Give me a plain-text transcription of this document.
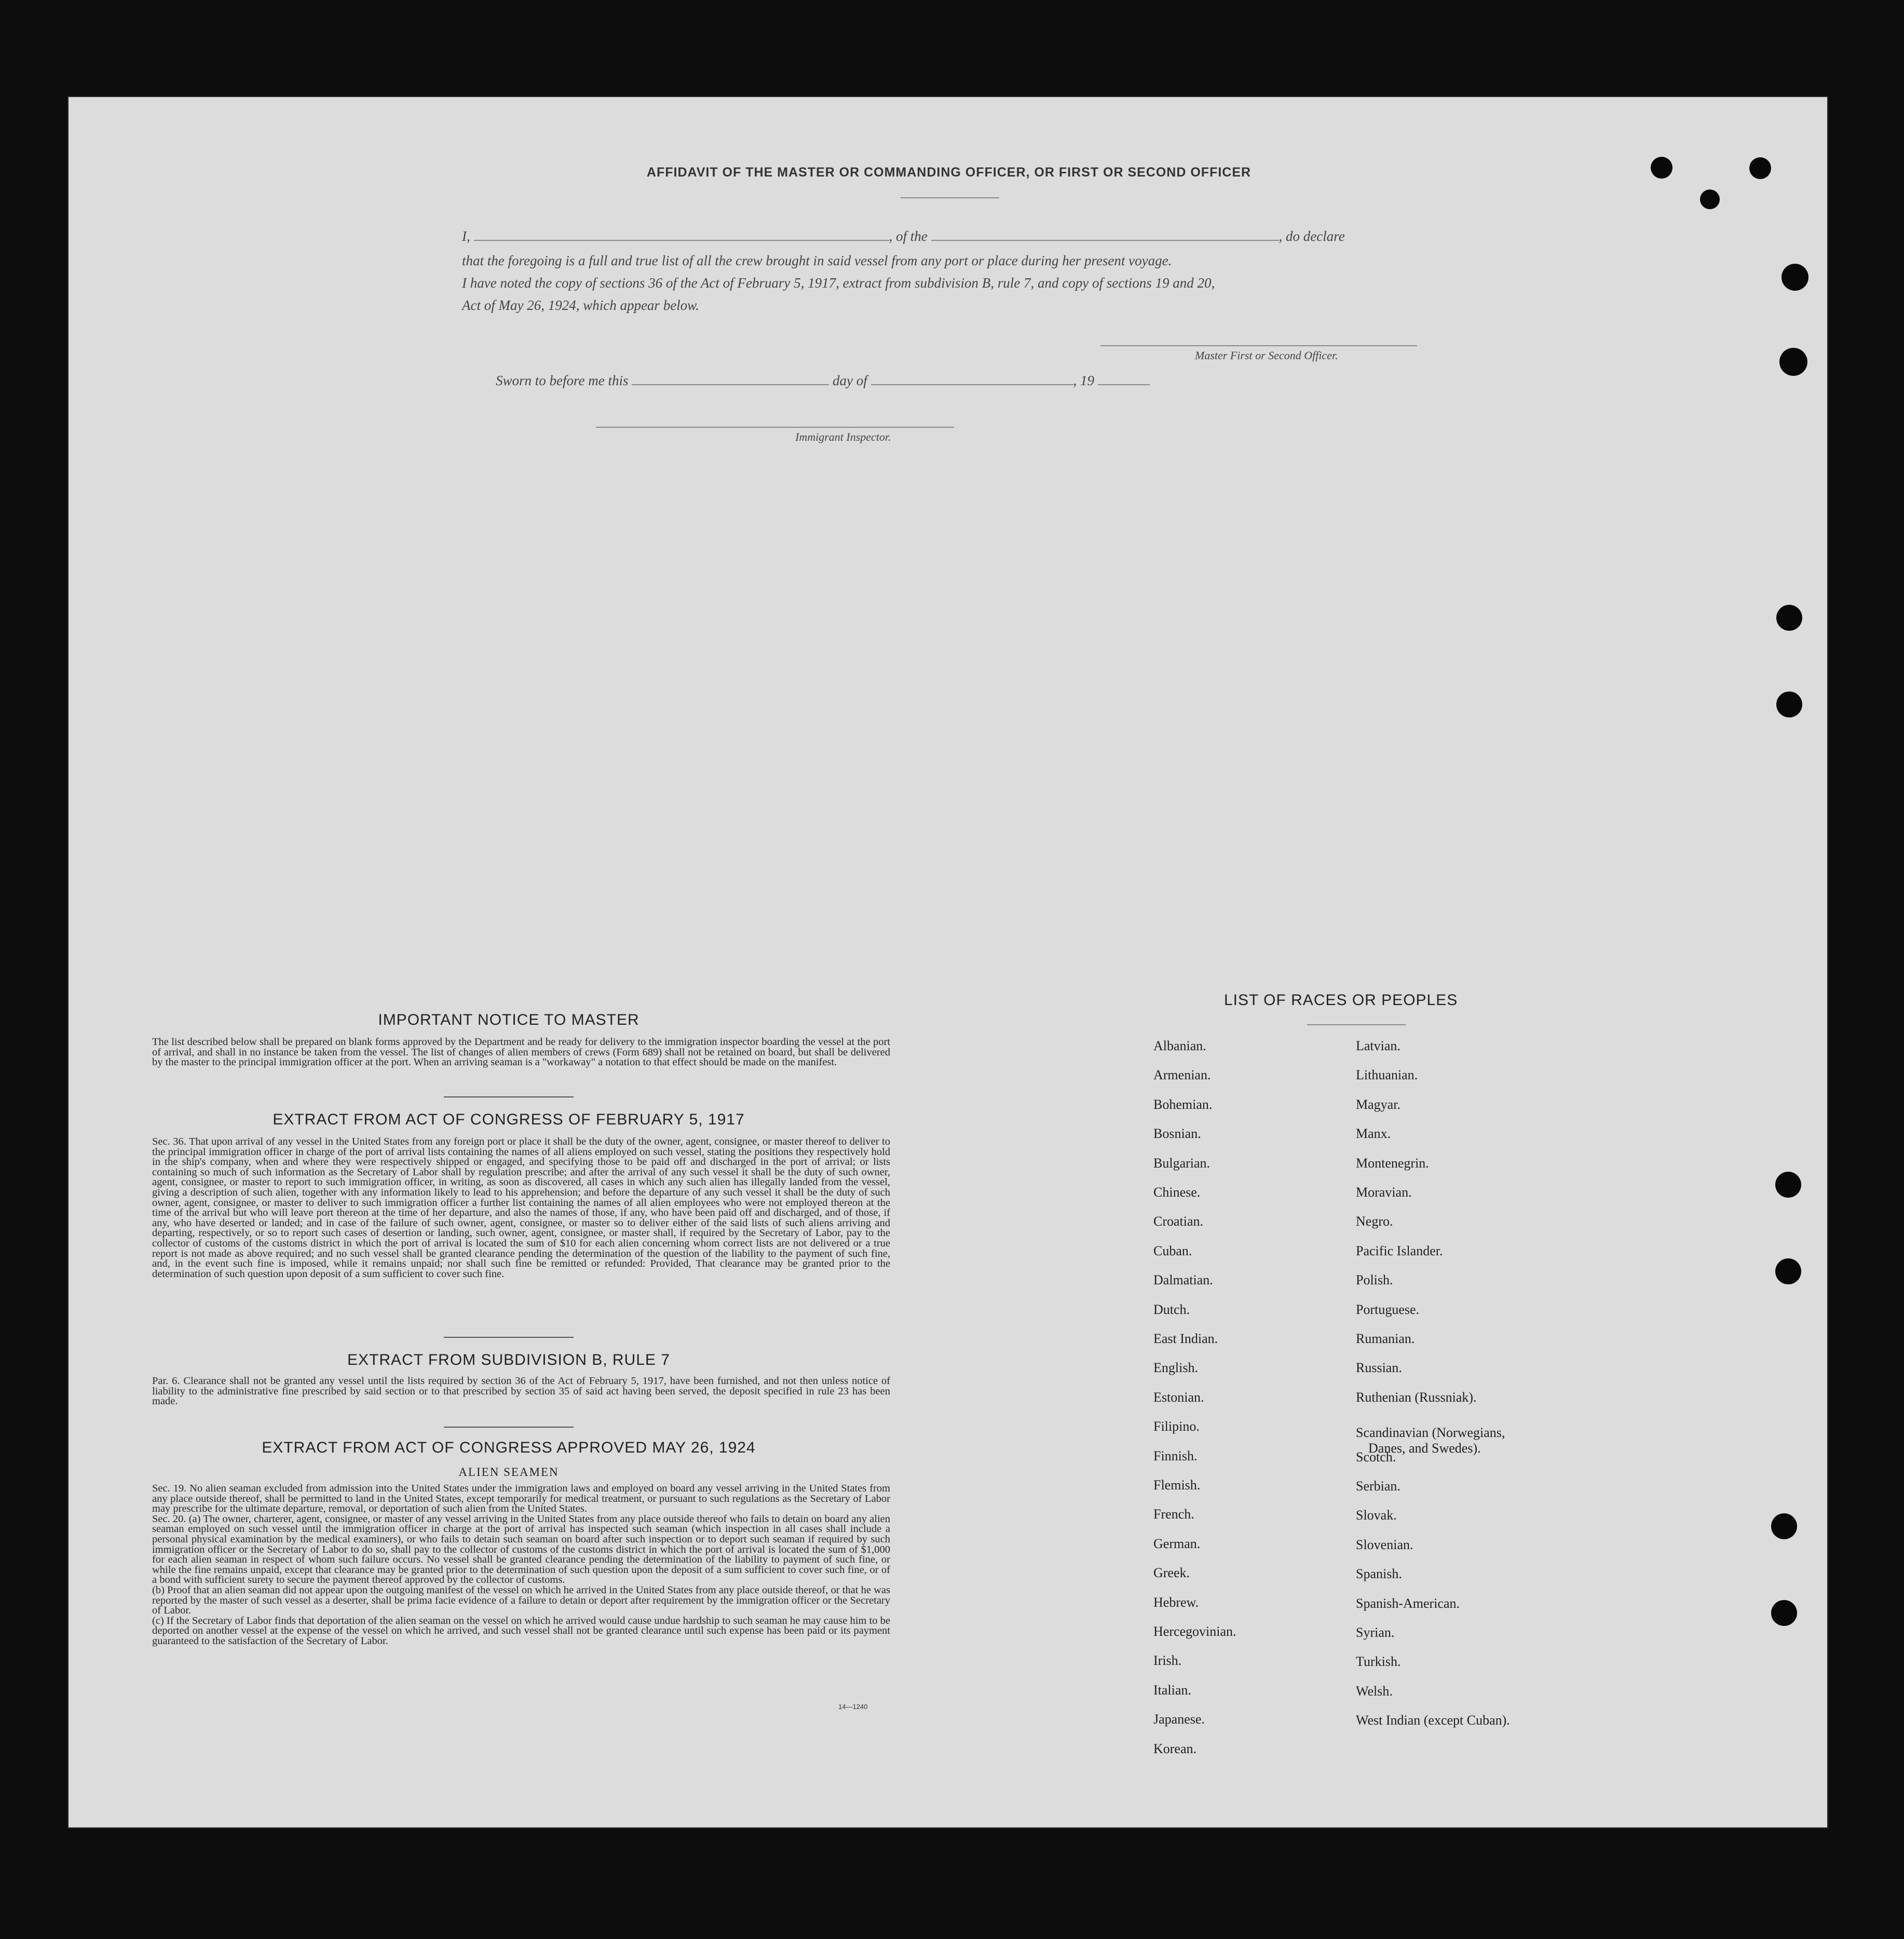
AFFIDAVIT OF THE MASTER OR COMMANDING OFFICER, OR FIRST OR SECOND OFFICER
I,	, of the	, do declare
that the foregoing is a full and true list of all the crew brought in said vessel from any port or place during her present voyage.
I have noted the copy of sections 36 of the Act of February 5, 1917, extract from subdivision B, rule 7, and copy of sections 19 and 20,
Act of May 26, 1924, which appear below.
Master First or Second Officer.
Sworn to before me this	day of	, 19
Immigrant Inspector.
IMPORTANT NOTICE TO MASTER
The list described below shall be prepared on blank forms approved by the Department and be ready for delivery to the immigration inspector boarding the vessel at the port of arrival, and shall in no instance be taken from the vessel. The list of changes of alien members of crews (Form 689) shall not be retained on board, but shall be delivered by the master to the principal immigration officer at the port. When an arriving seaman is a "workaway" a notation to that effect should be made on the manifest.
EXTRACT FROM ACT OF CONGRESS OF FEBRUARY 5, 1917
Sec. 36. That upon arrival of any vessel in the United States from any foreign port or place it shall be the duty of the owner, agent, consignee, or master thereof to deliver to the principal immigration officer in charge of the port of arrival lists containing the names of all aliens employed on such vessel, stating the positions they respectively hold in the ship's company, when and where they were respectively shipped or engaged, and specifying those to be paid off and discharged in the port of arrival; or lists containing so much of such information as the Secretary of Labor shall by regulation prescribe; and after the arrival of any such vessel it shall be the duty of such owner, agent, consignee, or master to report to such immigration officer, in writing, as soon as discovered, all cases in which any such alien has illegally landed from the vessel, giving a description of such alien, together with any information likely to lead to his apprehension; and before the departure of any such vessel it shall be the duty of such owner, agent, consignee, or master to deliver to such immigration officer a further list containing the names of all alien employees who were not employed thereon at the time of the arrival but who will leave port thereon at the time of her departure, and also the names of those, if any, who have been paid off and discharged, and of those, if any, who have deserted or landed; and in case of the failure of such owner, agent, consignee, or master so to deliver either of the said lists of such aliens arriving and departing, respectively, or so to report such cases of desertion or landing, such owner, agent, consignee, or master shall, if required by the Secretary of Labor, pay to the collector of customs of the customs district in which the port of arrival is located the sum of $10 for each alien concerning whom correct lists are not delivered or a true report is not made as above required; and no such vessel shall be granted clearance pending the determination of the question of the liability to the payment of such fine, and, in the event such fine is imposed, while it remains unpaid; nor shall such fine be remitted or refunded: Provided, That clearance may be granted prior to the determination of such question upon deposit of a sum sufficient to cover such fine.
EXTRACT FROM SUBDIVISION B, RULE 7
Par. 6. Clearance shall not be granted any vessel until the lists required by section 36 of the Act of February 5, 1917, have been furnished, and not then unless notice of liability to the administrative fine prescribed by said section or to that prescribed by section 35 of said act having been served, the deposit specified in rule 23 has been made.
EXTRACT FROM ACT OF CONGRESS APPROVED MAY 26, 1924
ALIEN SEAMEN
Sec. 19. No alien seaman excluded from admission into the United States under the immigration laws and employed on board any vessel arriving in the United States from any place outside thereof, shall be permitted to land in the United States, except temporarily for medical treatment, or pursuant to such regulations as the Secretary of Labor may prescribe for the ultimate departure, removal, or deportation of such alien from the United States.
Sec. 20. (a) The owner, charterer, agent, consignee, or master of any vessel arriving in the United States from any place outside thereof who fails to detain on board any alien seaman employed on such vessel until the immigration officer in charge at the port of arrival has inspected such seaman (which inspection in all cases shall include a personal physical examination by the medical examiners), or who fails to detain such seaman on board after such inspection or to deport such seaman if required by such immigration officer or the Secretary of Labor to do so, shall pay to the collector of customs of the customs district in which the port of arrival is located the sum of $1,000 for each alien seaman in respect of whom such failure occurs. No vessel shall be granted clearance pending the determination of the liability to payment of such fine, or while the fine remains unpaid, except that clearance may be granted prior to the determination of such question upon the deposit of a sum sufficient to cover such fine, or of a bond with sufficient surety to secure the payment thereof approved by the collector of customs.
(b) Proof that an alien seaman did not appear upon the outgoing manifest of the vessel on which he arrived in the United States from any place outside thereof, or that he was reported by the master of such vessel as a deserter, shall be prima facie evidence of a failure to detain or deport after requirement by the immigration officer or the Secretary of Labor.
(c) If the Secretary of Labor finds that deportation of the alien seaman on the vessel on which he arrived would cause undue hardship to such seaman he may cause him to be deported on another vessel at the expense of the vessel on which he arrived, and such vessel shall not be granted clearance until such expense has been paid or its payment guaranteed to the satisfaction of the Secretary of Labor.
14—1240
LIST OF RACES OR PEOPLES
Albanian.
Armenian.
Bohemian.
Bosnian.
Bulgarian.
Chinese.
Croatian.
Cuban.
Dalmatian.
Dutch.
East Indian.
English.
Estonian.
Filipino.
Finnish.
Flemish.
French.
German.
Greek.
Hebrew.
Hercegovinian.
Irish.
Italian.
Japanese.
Korean.
Latvian.
Lithuanian.
Magyar.
Manx.
Montenegrin.
Moravian.
Negro.
Pacific Islander.
Polish.
Portuguese.
Rumanian.
Russian.
Ruthenian (Russniak).
Scandinavian (Norwegians,
Danes, and Swedes).
Scotch.
Serbian.
Slovak.
Slovenian.
Spanish.
Spanish-American.
Syrian.
Turkish.
Welsh.
West Indian (except Cuban).
